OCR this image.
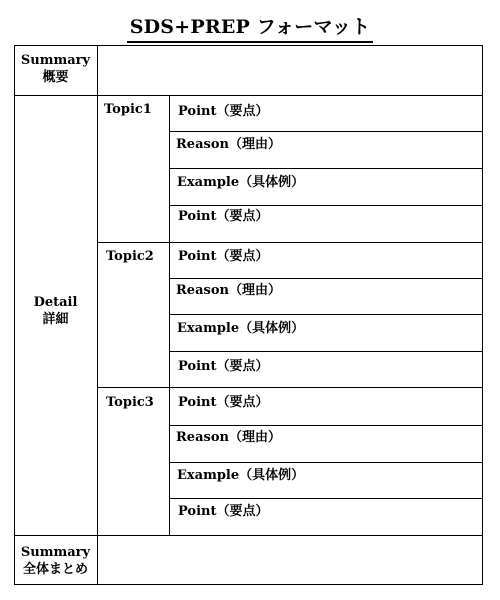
SDS+PREP フォーマット
Summary
概要
Detail
詳細
Topic1
Topic2
Topic3
Point（要点）
Reason（理由）
Example（具体例）
Point（要点）
Point（要点）
Reason（理由）
Example（具体例）
Point（要点）
Point（要点）
Reason（理由）
Example（具体例）
Point（要点）
Summary
全体まとめ
